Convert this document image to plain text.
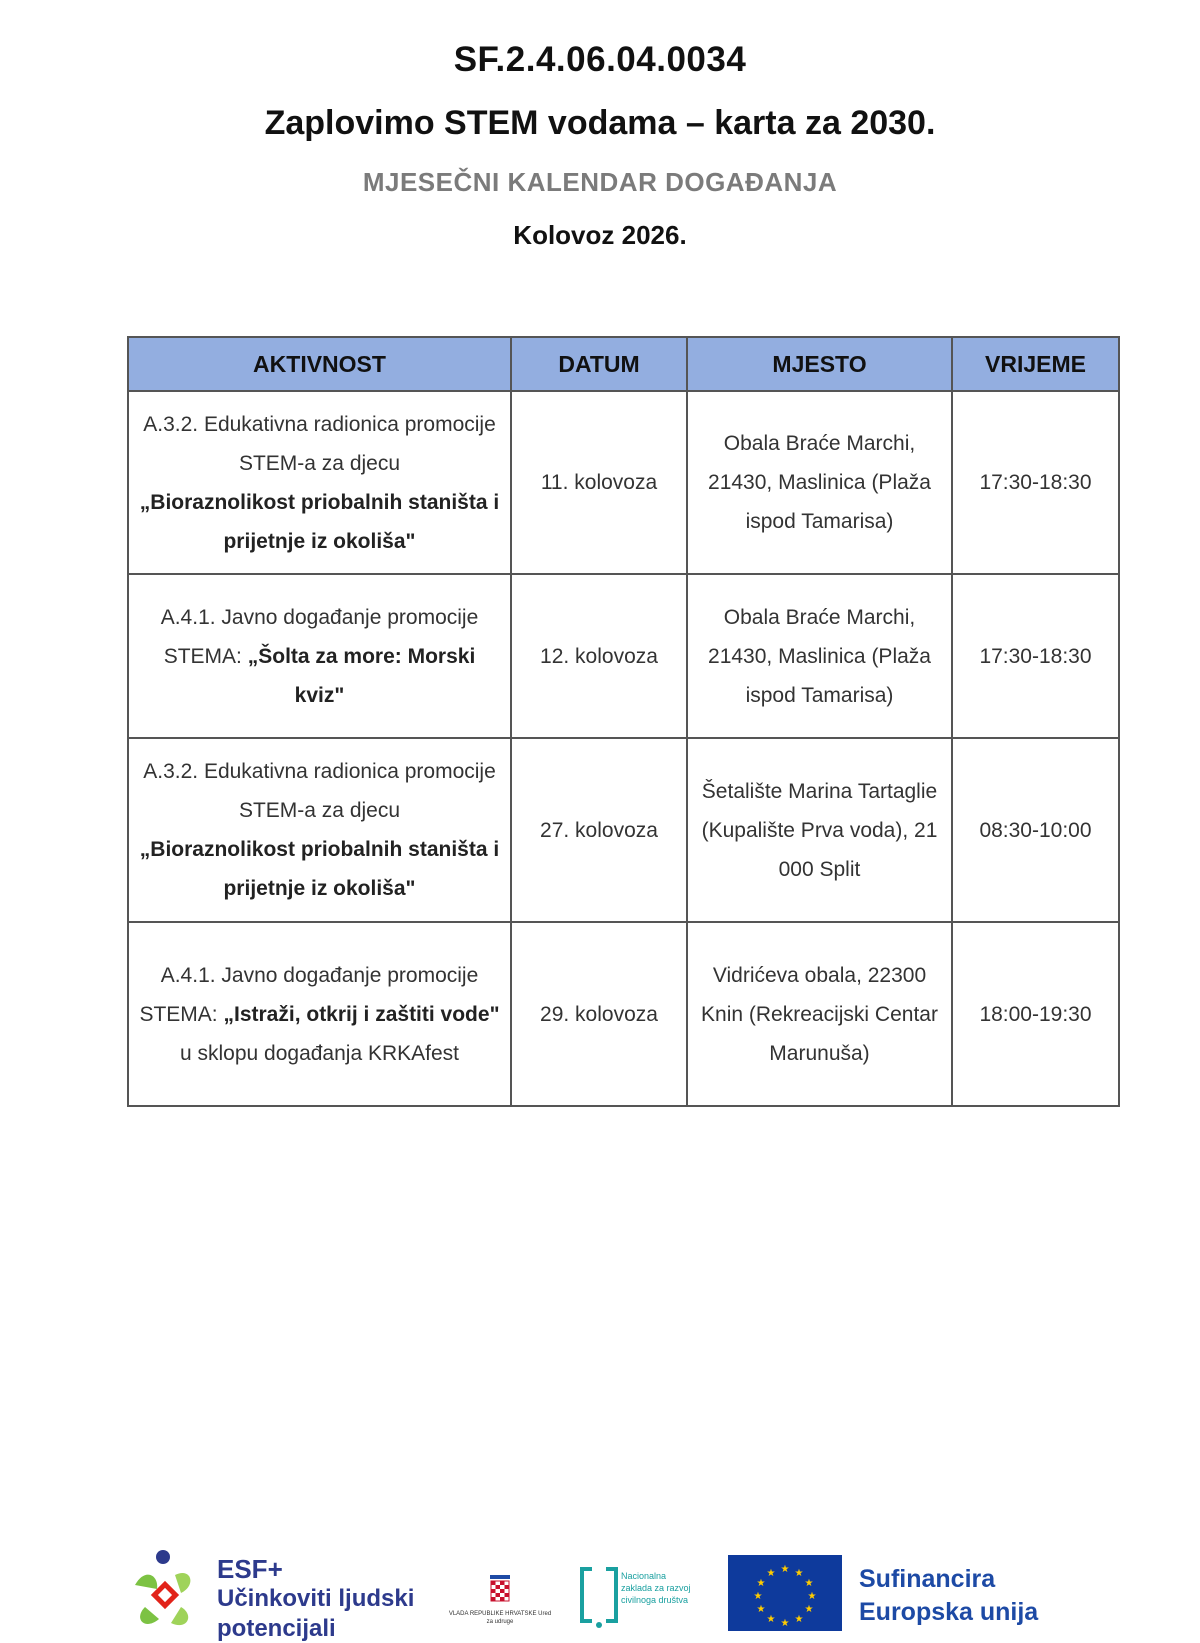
SF.2.4.06.04.0034
Zaplovimo STEM vodama – karta za 2030.
MJESEČNI KALENDAR DOGAĐANJA
Kolovoz 2026.
AKTIVNOST	DATUM	MJESTO	VRIJEME
A.3.2. Edukativna radionica promocije STEM-a za djecu
„Bioraznolikost priobalnih staništa i prijetnje iz okoliša"	11. kolovoza	Obala Braće Marchi, 21430, Maslinica (Plaža ispod Tamarisa)	17:30-18:30
A.4.1. Javno događanje promocije STEMA: „Šolta za more: Morski kviz"	12. kolovoza	Obala Braće Marchi, 21430, Maslinica (Plaža ispod Tamarisa)	17:30-18:30
A.3.2. Edukativna radionica promocije STEM-a za djecu
„Bioraznolikost priobalnih staništa i prijetnje iz okoliša"	27. kolovoza	Šetalište Marina Tartaglie (Kupalište Prva voda), 21 000 Split	08:30-10:00
A.4.1. Javno događanje promocije STEMA: „Istraži, otkrij i zaštiti vode" u sklopu događanja KRKAfest	29. kolovoza	Vidrićeva obala, 22300 Knin (Rekreacijski Centar Marunuša)	18:00-19:30
ESF+
Učinkoviti ljudski
potencijali
VLADA REPUBLIKE HRVATSKE Ured za udruge
Nacionalna zaklada za razvoj civilnoga društva
★ ★
★
★
★
★
★
★
★
★
★
★	Sufinancira
Europska unija
